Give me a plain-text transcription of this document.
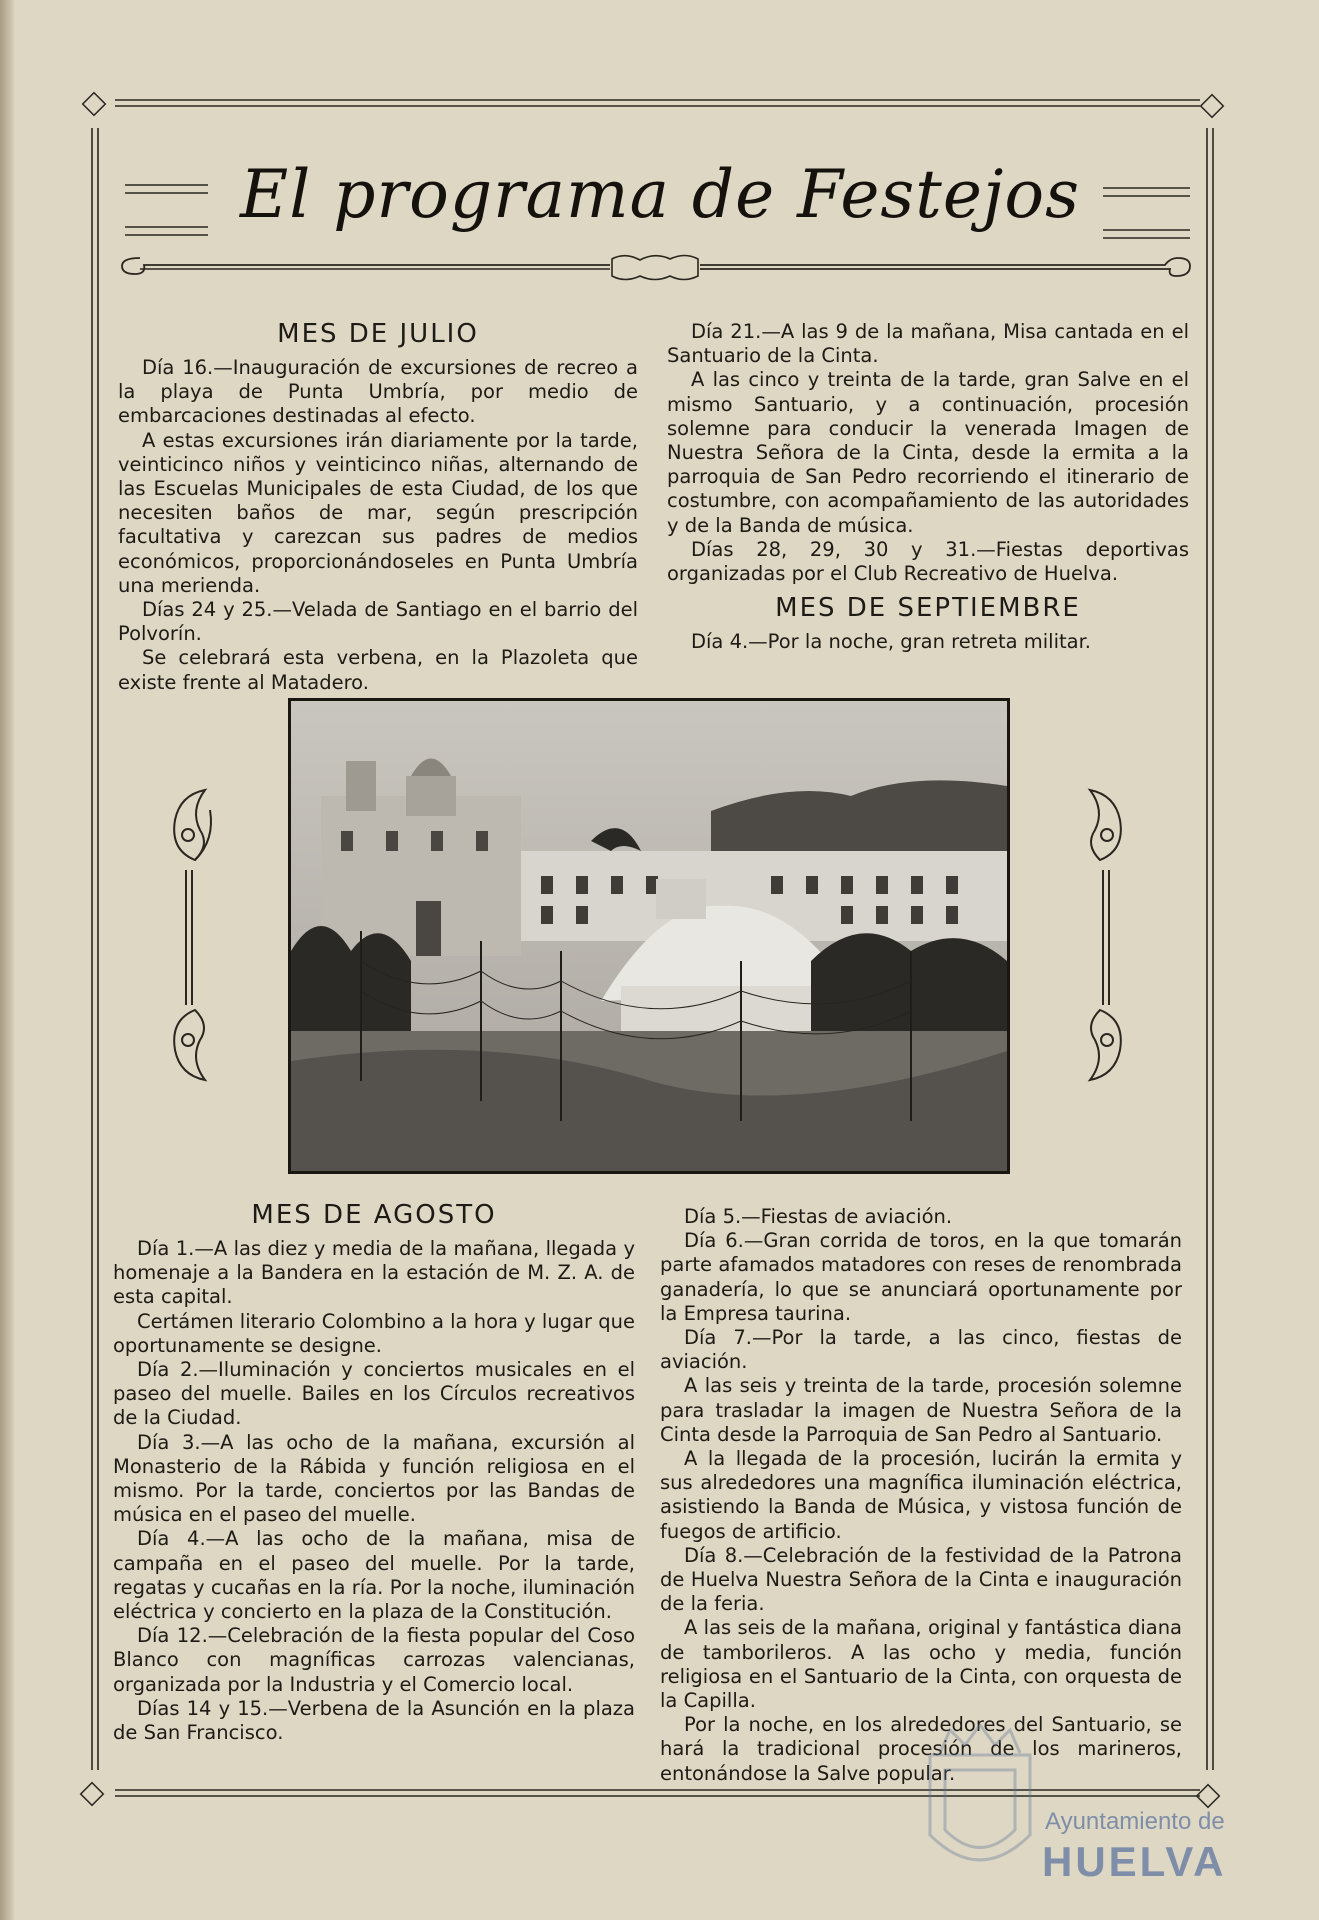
El programa de Festejos

MES DE JULIO

Día 16.—Inauguración de excursiones de recreo a la playa de Punta Umbría, por medio de embarcaciones destinadas al efecto.

A estas excursiones irán diariamente por la tarde, veinticinco niños y veinticinco niñas, alternando de las Escuelas Municipales de esta Ciudad, de los que necesiten baños de mar, según prescripción facultativa y carezcan sus padres de medios económicos, proporcionándoseles en Punta Umbría una merienda.

Días 24 y 25.—Velada de Santiago en el barrio del Polvorín.

Se celebrará esta verbena, en la Plazoleta que existe frente al Matadero.

Día 21.—A las 9 de la mañana, Misa cantada en el Santuario de la Cinta.

A las cinco y treinta de la tarde, gran Salve en el mismo Santuario, y a continuación, procesión solemne para conducir la venerada Imagen de Nuestra Señora de la Cinta, desde la ermita a la parroquia de San Pedro recorriendo el itinerario de costumbre, con acompañamiento de las autoridades y de la Banda de música.

Días 28, 29, 30 y 31.—Fiestas deportivas organizadas por el Club Recreativo de Huelva.

MES DE SEPTIEMBRE

Día 4.—Por la noche, gran retreta militar.

MES DE AGOSTO

Día 1.—A las diez y media de la mañana, llegada y homenaje a la Bandera en la estación de M. Z. A. de esta capital.

Certámen literario Colombino a la hora y lugar que oportunamente se designe.

Día 2.—Iluminación y conciertos musicales en el paseo del muelle. Bailes en los Círculos recreativos de la Ciudad.

Día 3.—A las ocho de la mañana, excursión al Monasterio de la Rábida y función religiosa en el mismo. Por la tarde, conciertos por las Bandas de música en el paseo del muelle.

Día 4.—A las ocho de la mañana, misa de campaña en el paseo del muelle. Por la tarde, regatas y cucañas en la ría. Por la noche, iluminación eléctrica y concierto en la plaza de la Constitución.

Día 12.—Celebración de la fiesta popular del Coso Blanco con magníficas carrozas valencianas, organizada por la Industria y el Comercio local.

Días 14 y 15.—Verbena de la Asunción en la plaza de San Francisco.

Día 5.—Fiestas de aviación.

Día 6.—Gran corrida de toros, en la que tomarán parte afamados matadores con reses de renombrada ganadería, lo que se anunciará oportunamente por la Empresa taurina.

Día 7.—Por la tarde, a las cinco, fiestas de aviación.

A las seis y treinta de la tarde, procesión solemne para trasladar la imagen de Nuestra Señora de la Cinta desde la Parroquia de San Pedro al Santuario.

A la llegada de la procesión, lucirán la ermita y sus alrededores una magnífica iluminación eléctrica, asistiendo la Banda de Música, y vistosa función de fuegos de artificio.

Día 8.—Celebración de la festividad de la Patrona de Huelva Nuestra Señora de la Cinta e inauguración de la feria.

A las seis de la mañana, original y fantástica diana de tamborileros. A las ocho y media, función religiosa en el Santuario de la Cinta, con orquesta de la Capilla.

Por la noche, en los alrededores del Santuario, se hará la tradicional procesión de los marineros, entonándose la Salve popular.

Ayuntamiento de
HUELVA
